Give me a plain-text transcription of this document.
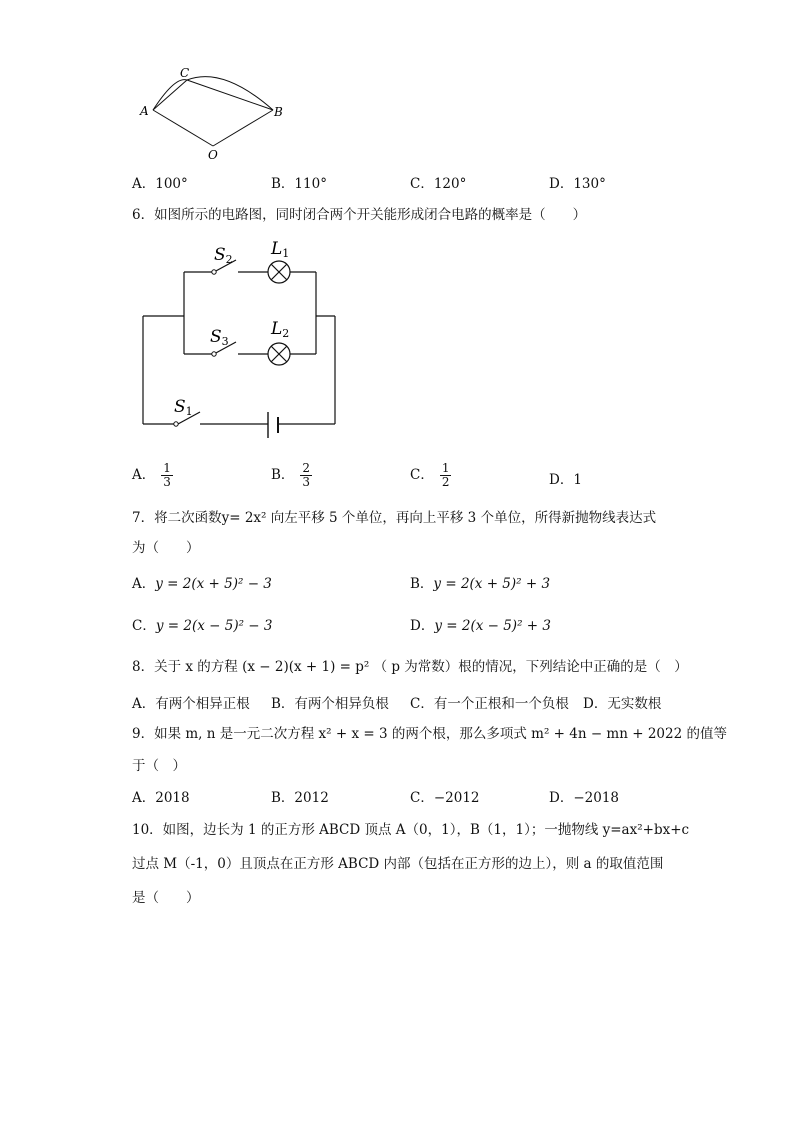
A
C
B
O
A．100°	B．110°	C．120°	D．130°
6．如图所示的电路图，同时闭合两个开关能形成闭合电路的概率是（　　）
S2
L1
S3
L2
S1
A． $\frac{1}{3}$	B． $\frac{2}{3}$	C． $\frac{1}{2}$	D．1
7．将二次函数y= 2x² 向左平移 5 个单位，再向上平移 3 个单位，所得新抛物线表达式
为（　　）
A．y = 2(x + 5)² − 3	B．y = 2(x + 5)² + 3
C．y = 2(x − 5)² − 3	D．y = 2(x − 5)² + 3
8．关于 x 的方程 (x − 2)(x + 1) = p² （ p 为常数）根的情况，下列结论中正确的是（　）
A．有两个相异正根 B．有两个相异负根 C．有一个正根和一个负根 D．无实数根
9．如果 m, n 是一元二次方程 x² + x = 3 的两个根，那么多项式 m² + 4n − mn + 2022 的值等
于（　）
A．2018	B．2012	C．−2012	D．−2018
10．如图，边长为 1 的正方形 ABCD 顶点 A（0，1），B（1，1）；一抛物线 y=ax²+bx+c
过点 M（-1，0）且顶点在正方形 ABCD 内部（包括在正方形的边上），则 a 的取值范围
是（　　）
